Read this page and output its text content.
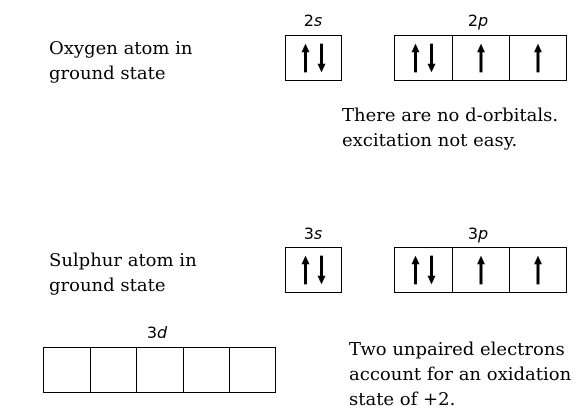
Oxygen atom in
ground state
2s	2p
There are no d-orbitals.
excitation not easy.
Sulphur atom in
ground state
3s	3p
3d
Two unpaired electrons
account for an oxidation
state of +2.
